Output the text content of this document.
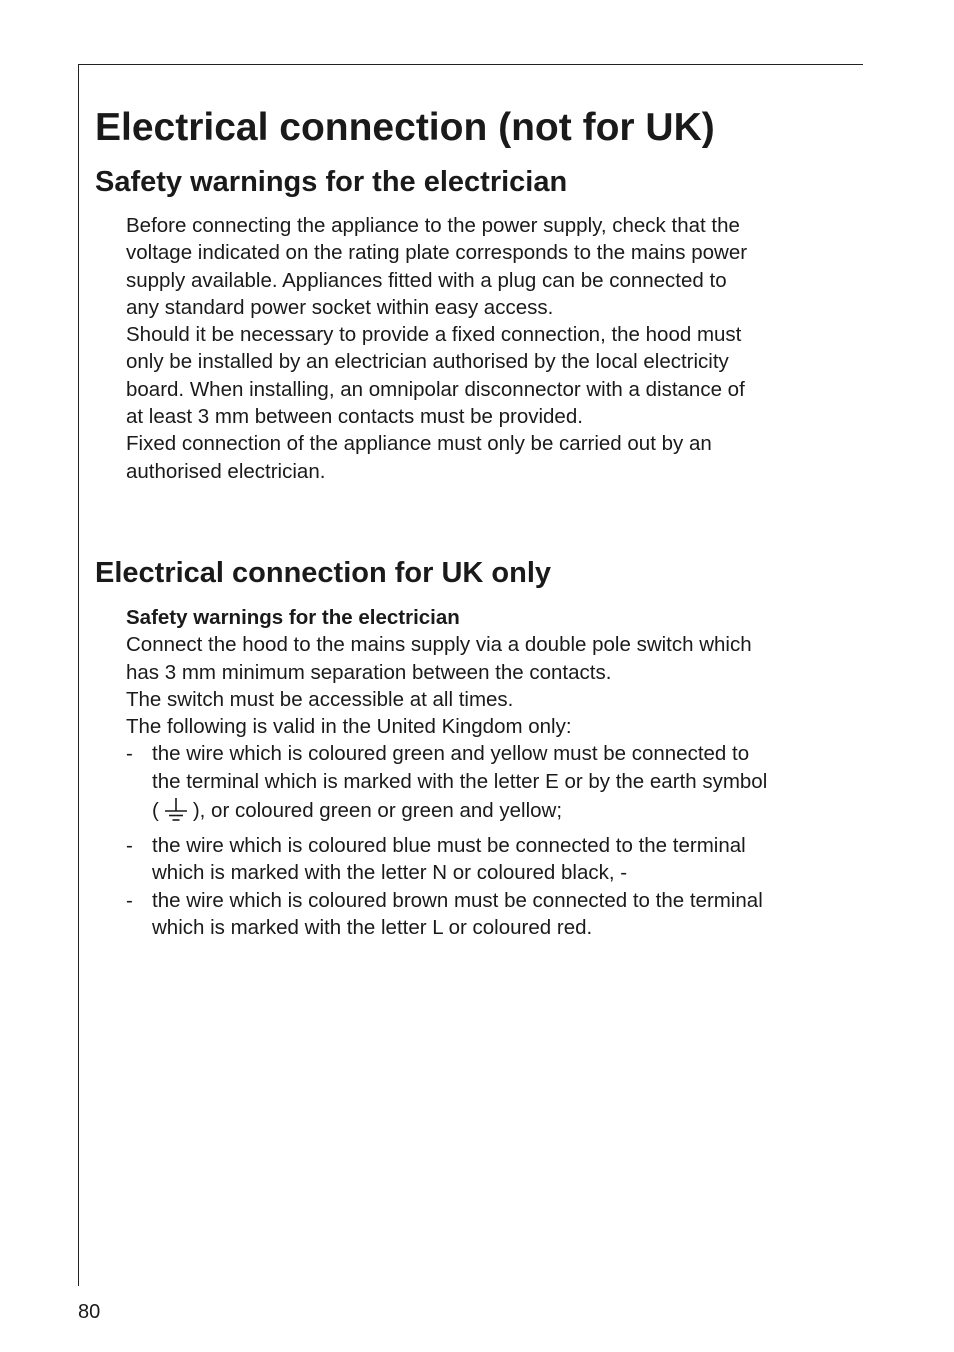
Electrical connection (not for UK)
Safety warnings for the electrician

Before connecting the appliance to the power supply, check that the

voltage indicated on the rating plate corresponds to the mains power

supply available. Appliances fitted with a plug can be connected to

any standard power socket within easy access.

Should it be necessary to provide a fixed connection, the hood must

only be installed by an electrician authorised by the local electricity

board. When installing, an omnipolar disconnector with a distance of

at least 3 mm between contacts must be provided.

Fixed connection of the appliance must only be carried out by an

authorised electrician.

Electrical connection for UK only

Safety warnings for the electrician

Connect the hood to the mains supply via a double pole switch which

has 3 mm minimum separation between the contacts.

The switch must be accessible at all times.

The following is valid in the United Kingdom only:

- the wire which is coloured green and yellow must be connected to

the terminal which is marked with the letter E or by the earth symbol

( ), or coloured green or green and yellow;

- the wire which is coloured blue must be connected to the terminal

which is marked with the letter N or coloured black, -

- the wire which is coloured brown must be connected to the terminal

which is marked with the letter L or coloured red.

80
